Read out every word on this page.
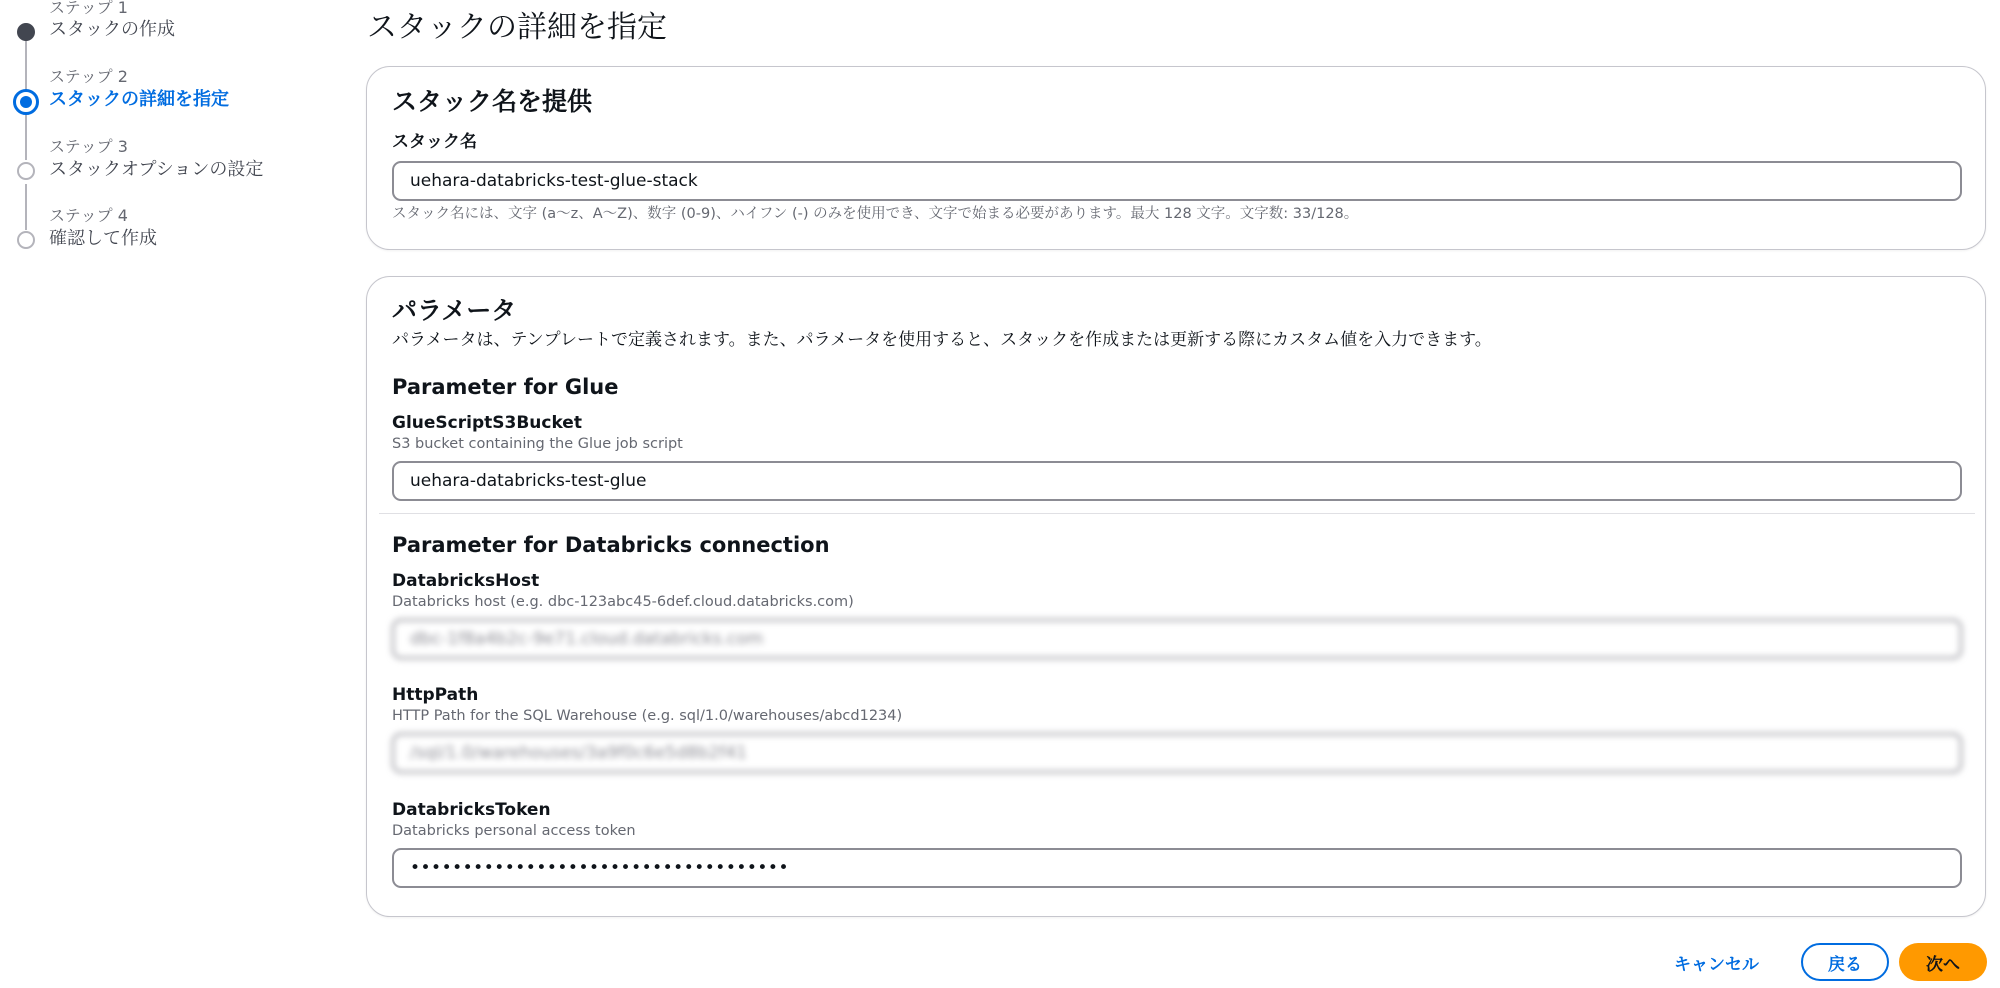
ステップ 1
スタックの作成
ステップ 2
スタックの詳細を指定
ステップ 3
スタックオプションの設定
ステップ 4
確認して作成
スタックの詳細を指定
スタック名を提供
スタック名
uehara-databricks-test-glue-stack
スタック名には、文字 (a〜z、A〜Z)、数字 (0-9)、ハイフン (-) のみを使用でき、文字で始まる必要があります。最大 128 文字。文字数: 33/128。
パラメータ

パラメータは、テンプレートで定義されます。また、パラメータを使用すると、スタックを作成または更新する際にカスタム値を入力できます。

Parameter for Glue
GlueScriptS3Bucket
S3 bucket containing the Glue job script
uehara-databricks-test-glue
Parameter for Databricks connection
DatabricksHost
Databricks host (e.g. dbc-123abc45-6def.cloud.databricks.com)
dbc-1f8a4b2c-9e71.cloud.databricks.com
HttpPath
HTTP Path for the SQL Warehouse (e.g. sql/1.0/warehouses/abcd1234)
/sql/1.0/warehouses/3a9f0c6e5d8b2f41
DatabricksToken
Databricks personal access token
••••••••••••••••••••••••••••••••••••
キャンセル	戻る	次へ
